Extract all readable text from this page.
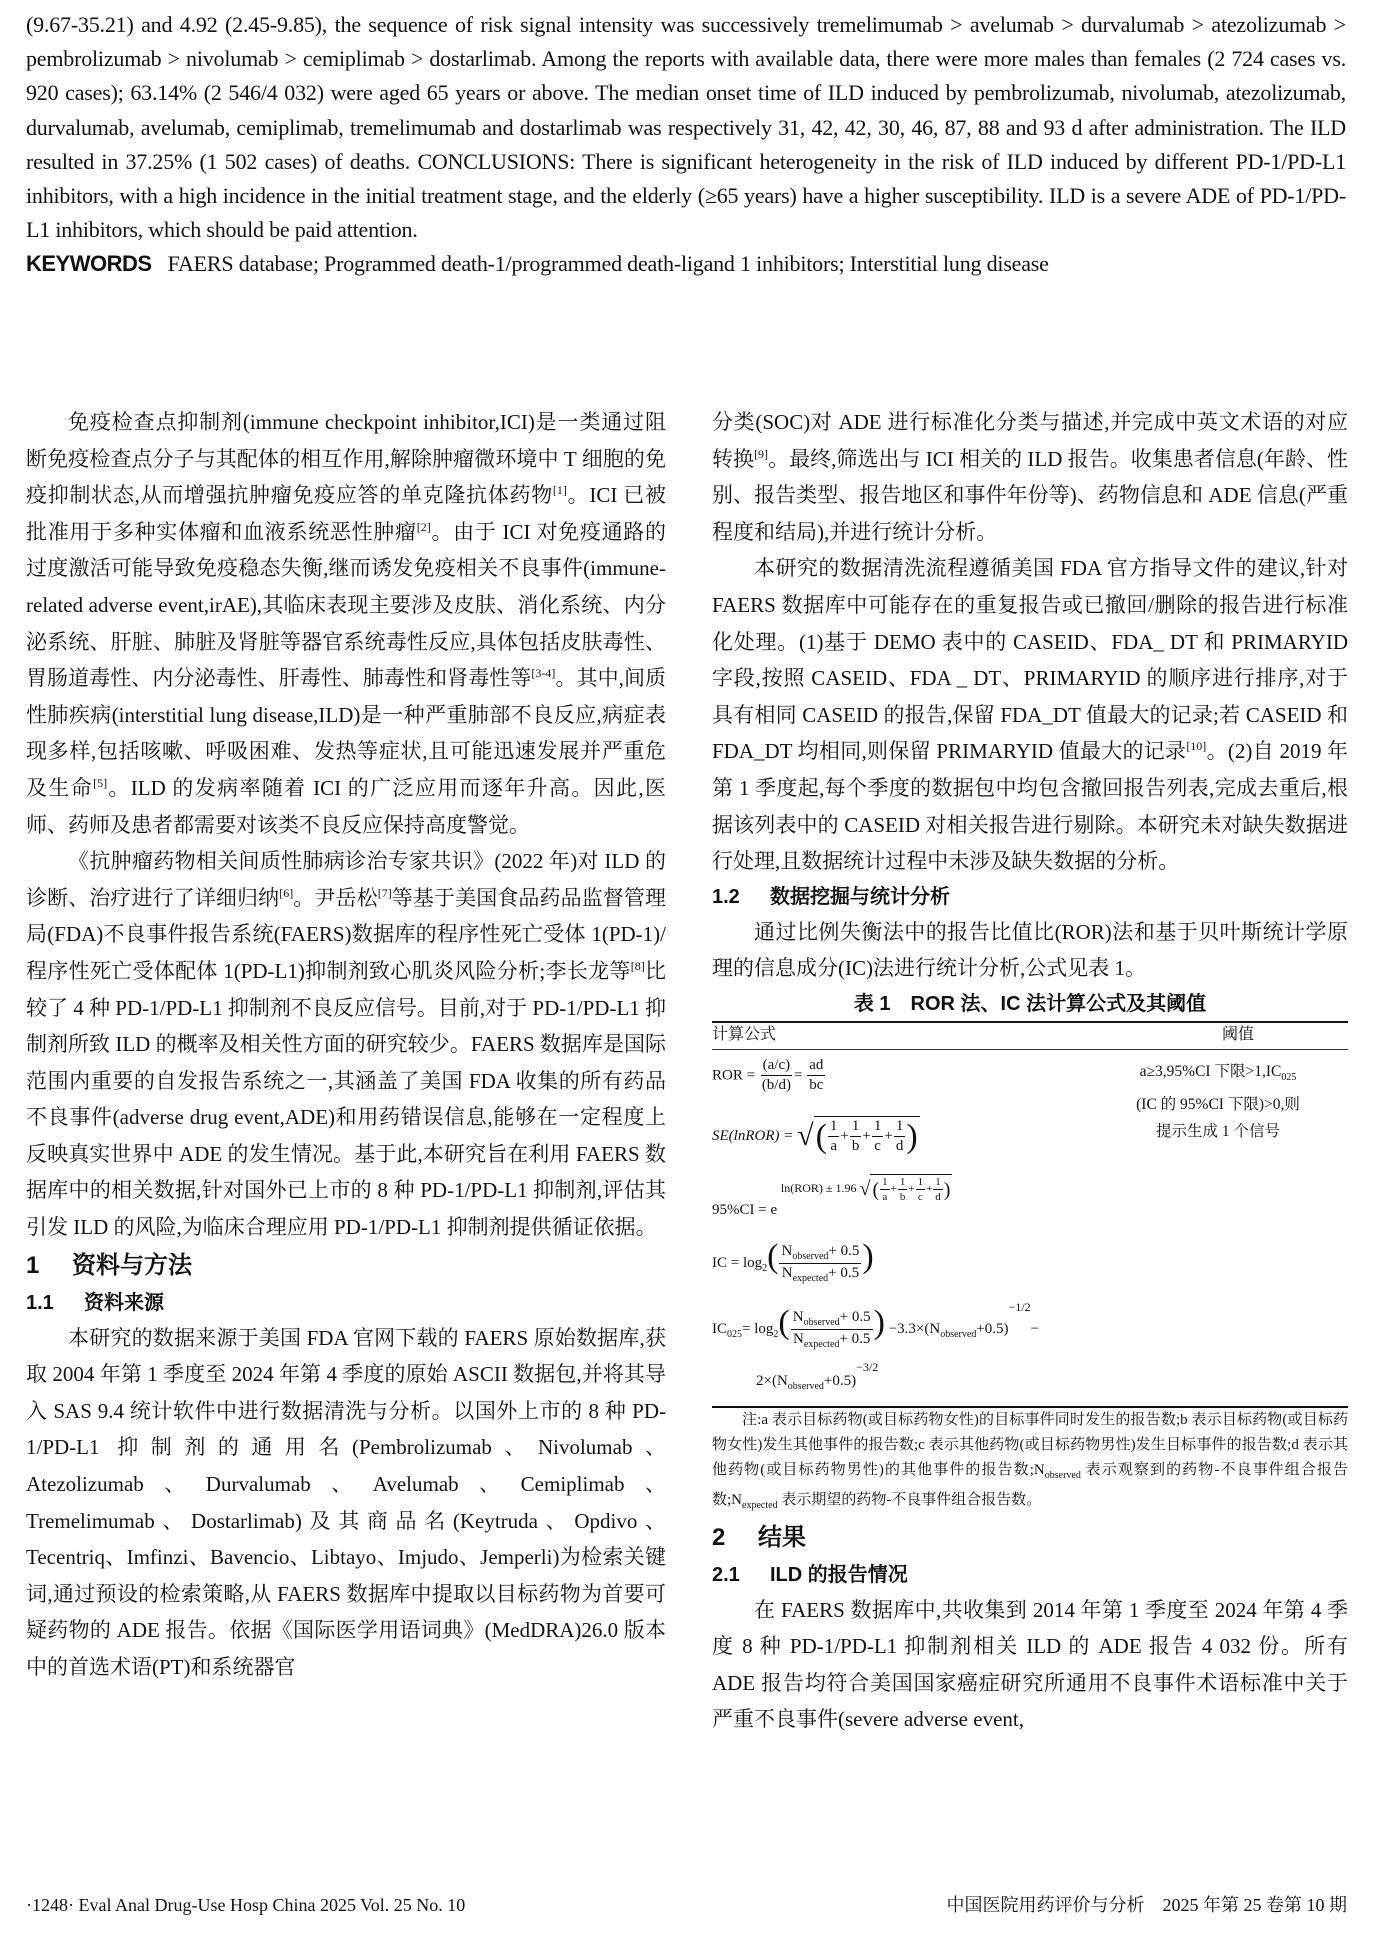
(9.67-35.21) and 4.92 (2.45-9.85), the sequence of risk signal intensity was successively tremelimumab > avelumab > durvalumab > atezolizumab > pembrolizumab > nivolumab > cemiplimab > dostarlimab. Among the reports with available data, there were more males than females (2 724 cases vs. 920 cases); 63.14% (2 546/4 032) were aged 65 years or above. The median onset time of ILD induced by pembrolizumab, nivolumab, atezolizumab, durvalumab, avelumab, cemiplimab, tremelimumab and dostarlimab was respectively 31, 42, 42, 30, 46, 87, 88 and 93 d after administration. The ILD resulted in 37.25% (1 502 cases) of deaths. CONCLUSIONS: There is significant heterogeneity in the risk of ILD induced by different PD-1/PD-L1 inhibitors, with a high incidence in the initial treatment stage, and the elderly (≥65 years) have a higher susceptibility. ILD is a severe ADE of PD-1/PD-L1 inhibitors, which should be paid attention.

KEYWORDS FAERS database; Programmed death-1/programmed death-ligand 1 inhibitors; Interstitial lung disease

免疫检查点抑制剂(immune checkpoint inhibitor,ICI)是一类通过阻断免疫检查点分子与其配体的相互作用,解除肿瘤微环境中 T 细胞的免疫抑制状态,从而增强抗肿瘤免疫应答的单克隆抗体药物[1]。ICI 已被批准用于多种实体瘤和血液系统恶性肿瘤[2]。由于 ICI 对免疫通路的过度激活可能导致免疫稳态失衡,继而诱发免疫相关不良事件(immune-related adverse event,irAE),其临床表现主要涉及皮肤、消化系统、内分泌系统、肝脏、肺脏及肾脏等器官系统毒性反应,具体包括皮肤毒性、胃肠道毒性、内分泌毒性、肝毒性、肺毒性和肾毒性等[3-4]。其中,间质性肺疾病(interstitial lung disease,ILD)是一种严重肺部不良反应,病症表现多样,包括咳嗽、呼吸困难、发热等症状,且可能迅速发展并严重危及生命[5]。ILD 的发病率随着 ICI 的广泛应用而逐年升高。因此,医师、药师及患者都需要对该类不良反应保持高度警觉。

《抗肿瘤药物相关间质性肺病诊治专家共识》(2022 年)对 ILD 的诊断、治疗进行了详细归纳[6]。尹岳松[7]等基于美国食品药品监督管理局(FDA)不良事件报告系统(FAERS)数据库的程序性死亡受体 1(PD-1)/程序性死亡受体配体 1(PD-L1)抑制剂致心肌炎风险分析;李长龙等[8]比较了 4 种 PD-1/PD-L1 抑制剂不良反应信号。目前,对于 PD-1/PD-L1 抑制剂所致 ILD 的概率及相关性方面的研究较少。FAERS 数据库是国际范围内重要的自发报告系统之一,其涵盖了美国 FDA 收集的所有药品不良事件(adverse drug event,ADE)和用药错误信息,能够在一定程度上反映真实世界中 ADE 的发生情况。基于此,本研究旨在利用 FAERS 数据库中的相关数据,针对国外已上市的 8 种 PD-1/PD-L1 抑制剂,评估其引发 ILD 的风险,为临床合理应用 PD-1/PD-L1 抑制剂提供循证依据。

1 资料与方法
1.1 资料来源

本研究的数据来源于美国 FDA 官网下载的 FAERS 原始数据库,获取 2004 年第 1 季度至 2024 年第 4 季度的原始 ASCII 数据包,并将其导入 SAS 9.4 统计软件中进行数据清洗与分析。以国外上市的 8 种 PD-1/PD-L1 抑制剂的通用名(Pembrolizumab、Nivolumab、Atezolizumab、Durvalumab、Avelumab、Cemiplimab、Tremelimumab、Dostarlimab)及其商品名(Keytruda、Opdivo、Tecentriq、Imfinzi、Bavencio、Libtayo、Imjudo、Jemperli)为检索关键词,通过预设的检索策略,从 FAERS 数据库中提取以目标药物为首要可疑药物的 ADE 报告。依据《国际医学用语词典》(MedDRA)26.0 版本中的首选术语(PT)和系统器官

分类(SOC)对 ADE 进行标准化分类与描述,并完成中英文术语的对应转换[9]。最终,筛选出与 ICI 相关的 ILD 报告。收集患者信息(年龄、性别、报告类型、报告地区和事件年份等)、药物信息和 ADE 信息(严重程度和结局),并进行统计分析。

本研究的数据清洗流程遵循美国 FDA 官方指导文件的建议,针对 FAERS 数据库中可能存在的重复报告或已撤回/删除的报告进行标准化处理。(1)基于 DEMO 表中的 CASEID、FDA_ DT 和 PRIMARYID 字段,按照 CASEID、FDA _ DT、PRIMARYID 的顺序进行排序,对于具有相同 CASEID 的报告,保留 FDA_DT 值最大的记录;若 CASEID 和 FDA_DT 均相同,则保留 PRIMARYID 值最大的记录[10]。(2)自 2019 年第 1 季度起,每个季度的数据包中均包含撤回报告列表,完成去重后,根据该列表中的 CASEID 对相关报告进行剔除。本研究未对缺失数据进行处理,且数据统计过程中未涉及缺失数据的分析。

1.2 数据挖掘与统计分析

通过比例失衡法中的报告比值比(ROR)法和基于贝叶斯统计学原理的信息成分(IC)法进行统计分析,公式见表 1。

表 1　ROR 法、IC 法计算公式及其阈值
计算公式	阈值
ROR = $\frac{(a/c)}{(b/d)} = \frac{ad}{bc}$
SE(lnROR) = √ ( $\frac{1}{a} + \frac{1}{b} + \frac{1}{c} + \frac{1}{d}$ )
95%CI = e $^{ln(ROR) \pm 1.96 √ ( \frac{1}{a} + \frac{1}{b} + \frac{1}{c} + \frac{1}{d} )}$
IC = $\log_2( \frac{N_{observed}+ 0.5}{N_{expected}+ 0.5}$ )
$IC_{025}= \log_2( \frac{N_{observed}+ 0.5}{N_{expected}+ 0.5}$ ) $-3.3\times(N_{observed}+0.5)^{-1/2}-$
$2\times(N_{observed}+0.5)^{-3/2}$
a≥3,95%CI 下限$>1,IC_{025}$
(IC 的 95%CI 下限)>0,则
提示生成 1 个信号

注:a 表示目标药物(或目标药物女性)的目标事件同时发生的报告数;b 表示目标药物(或目标药物女性)发生其他事件的报告数;c 表示其他药物(或目标药物男性)发生目标事件的报告数;d 表示其他药物(或目标药物男性)的其他事件的报告数$;N_{observed}$ 表示观察到的药物-不良事件组合报告数$;N_{expected}$ 表示期望的药物-不良事件组合报告数。

2 结果
2.1 ILD 的报告情况

在 FAERS 数据库中,共收集到 2014 年第 1 季度至 2024 年第 4 季度 8 种 PD-1/PD-L1 抑制剂相关 ILD 的 ADE 报告 4 032 份。所有 ADE 报告均符合美国国家癌症研究所通用不良事件术语标准中关于严重不良事件(severe adverse event,

·1248· Eval Anal Drug-Use Hosp China 2025 Vol. 25 No. 10	中国医院用药评价与分析　2025 年第 25 卷第 10 期
